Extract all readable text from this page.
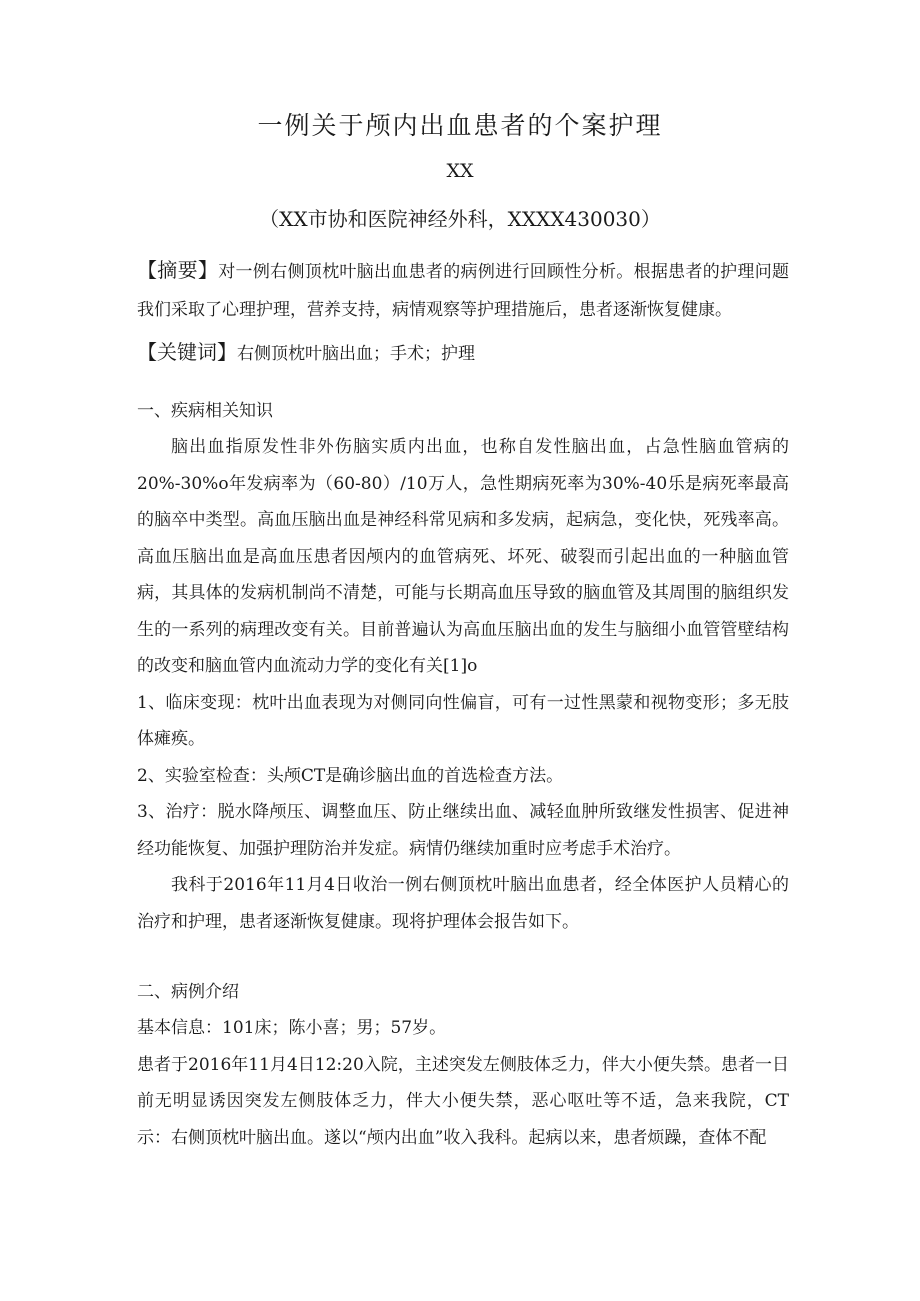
一例关于颅内出血患者的个案护理

XX

（XX市协和医院神经外科，XXXX430030）

【摘要】对一例右侧顶枕叶脑出血患者的病例进行回顾性分析。根据患者的护理问题我们采取了心理护理，营养支持，病情观察等护理措施后，患者逐渐恢复健康。

【关键词】右侧顶枕叶脑出血；手术；护理

一、疾病相关知识

脑出血指原发性非外伤脑实质内出血，也称自发性脑出血，占急性脑血管病的20%-30%o年发病率为（60-80）/10万人，急性期病死率为30%-40乐是病死率最高的脑卒中类型。高血压脑出血是神经科常见病和多发病，起病急，变化快，死残率高。高血压脑出血是高血压患者因颅内的血管病死、坏死、破裂而引起出血的一种脑血管病，其具体的发病机制尚不清楚，可能与长期高血压导致的脑血管及其周围的脑组织发生的一系列的病理改变有关。目前普遍认为高血压脑出血的发生与脑细小血管管壁结构的改变和脑血管内血流动力学的变化有关[1]o

1、临床变现：枕叶出血表现为对侧同向性偏盲，可有一过性黑蒙和视物变形；多无肢体瘫痪。

2、实验室检查：头颅CT是确诊脑出血的首选检查方法。

3、治疗：脱水降颅压、调整血压、防止继续出血、减轻血肿所致继发性损害、促进神经功能恢复、加强护理防治并发症。病情仍继续加重时应考虑手术治疗。

我科于2016年11月4日收治一例右侧顶枕叶脑出血患者，经全体医护人员精心的治疗和护理，患者逐渐恢复健康。现将护理体会报告如下。

二、病例介绍

基本信息：101床；陈小喜；男；57岁。

患者于2016年11月4日12:20入院，主述突发左侧肢体乏力，伴大小便失禁。患者一日前无明显诱因突发左侧肢体乏力，伴大小便失禁，恶心呕吐等不适，急来我院，CT示：右侧顶枕叶脑出血。遂以“颅内出血”收入我科。起病以来，患者烦躁，查体不配
